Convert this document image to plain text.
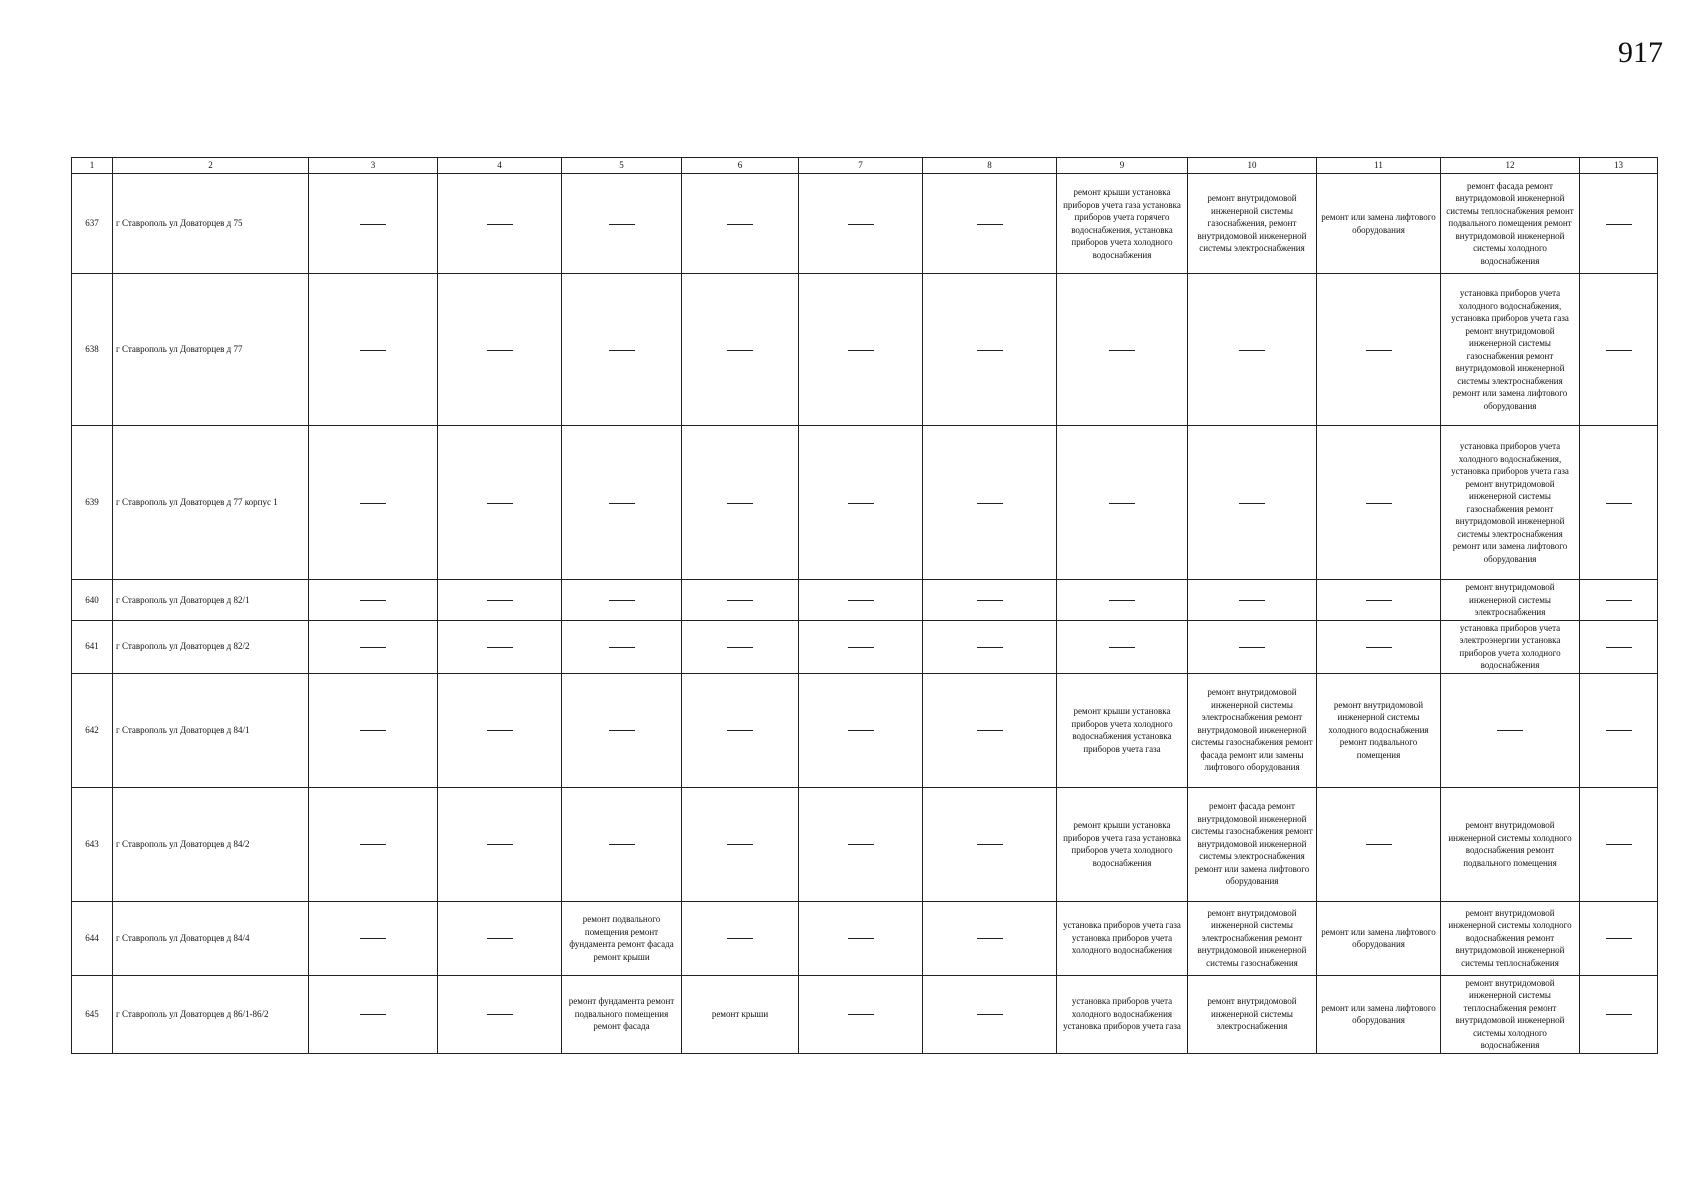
917
1	2	3	4	5	6	7	8	9	10	11	12	13
637	г Ставрополь ул Доваторцев д 75							ремонт крыши установка приборов учета газа установка приборов учета горячего водоснабжения, установка приборов учета холодного водоснабжения	ремонт внутридомовой инженерной системы газоснабжения, ремонт внутридомовой инженерной системы электроснабжения	ремонт или замена лифтового оборудования	ремонт фасада ремонт внутридомовой инженерной системы теплоснабжения ремонт подвального помещения ремонт внутридомовой инженерной системы холодного водоснабжения	
638	г Ставрополь ул Доваторцев д 77										установка приборов учета холодного водоснабжения, установка приборов учета газа ремонт внутридомовой инженерной системы газоснабжения ремонт внутридомовой инженерной системы электроснабжения ремонт или замена лифтового оборудования	
639	г Ставрополь ул Доваторцев д 77 корпус 1										установка приборов учета холодного водоснабжения, установка приборов учета газа ремонт внутридомовой инженерной системы газоснабжения ремонт внутридомовой инженерной системы электроснабжения ремонт или замена лифтового оборудования	
640	г Ставрополь ул Доваторцев д 82/1										ремонт внутридомовой инженерной системы электроснабжения	
641	г Ставрополь ул Доваторцев д 82/2										установка приборов учета электроэнергии установка приборов учета холодного водоснабжения	
642	г Ставрополь ул Доваторцев д 84/1							ремонт крыши установка приборов учета холодного водоснабжения установка приборов учета газа	ремонт внутридомовой инженерной системы электроснабжения ремонт внутридомовой инженерной системы газоснабжения ремонт фасада ремонт или замены лифтового оборудования	ремонт внутридомовой инженерной системы холодного водоснабжения ремонт подвального помещения		
643	г Ставрополь ул Доваторцев д 84/2							ремонт крыши установка приборов учета газа установка приборов учета холодного водоснабжения	ремонт фасада ремонт внутридомовой инженерной системы газоснабжения ремонт внутридомовой инженерной системы электроснабжения ремонт или замена лифтового оборудования		ремонт внутридомовой инженерной системы холодного водоснабжения ремонт подвального помещения	
644	г Ставрополь ул Доваторцев д 84/4			ремонт подвального помещения ремонт фундамента ремонт фасада ремонт крыши				установка приборов учета газа установка приборов учета холодного водоснабжения	ремонт внутридомовой инженерной системы электроснабжения ремонт внутридомовой инженерной системы газоснабжения	ремонт или замена лифтового оборудования	ремонт внутридомовой инженерной системы холодного водоснабжения ремонт внутридомовой инженерной системы теплоснабжения	
645	г Ставрополь ул Доваторцев д 86/1-86/2			ремонт фундамента ремонт подвального помещения ремонт фасада	ремонт крыши			установка приборов учета холодного водоснабжения установка приборов учета газа	ремонт внутридомовой инженерной системы электроснабжения	ремонт или замена лифтового оборудования	ремонт внутридомовой инженерной системы теплоснабжения ремонт внутридомовой инженерной системы холодного водоснабжения	
